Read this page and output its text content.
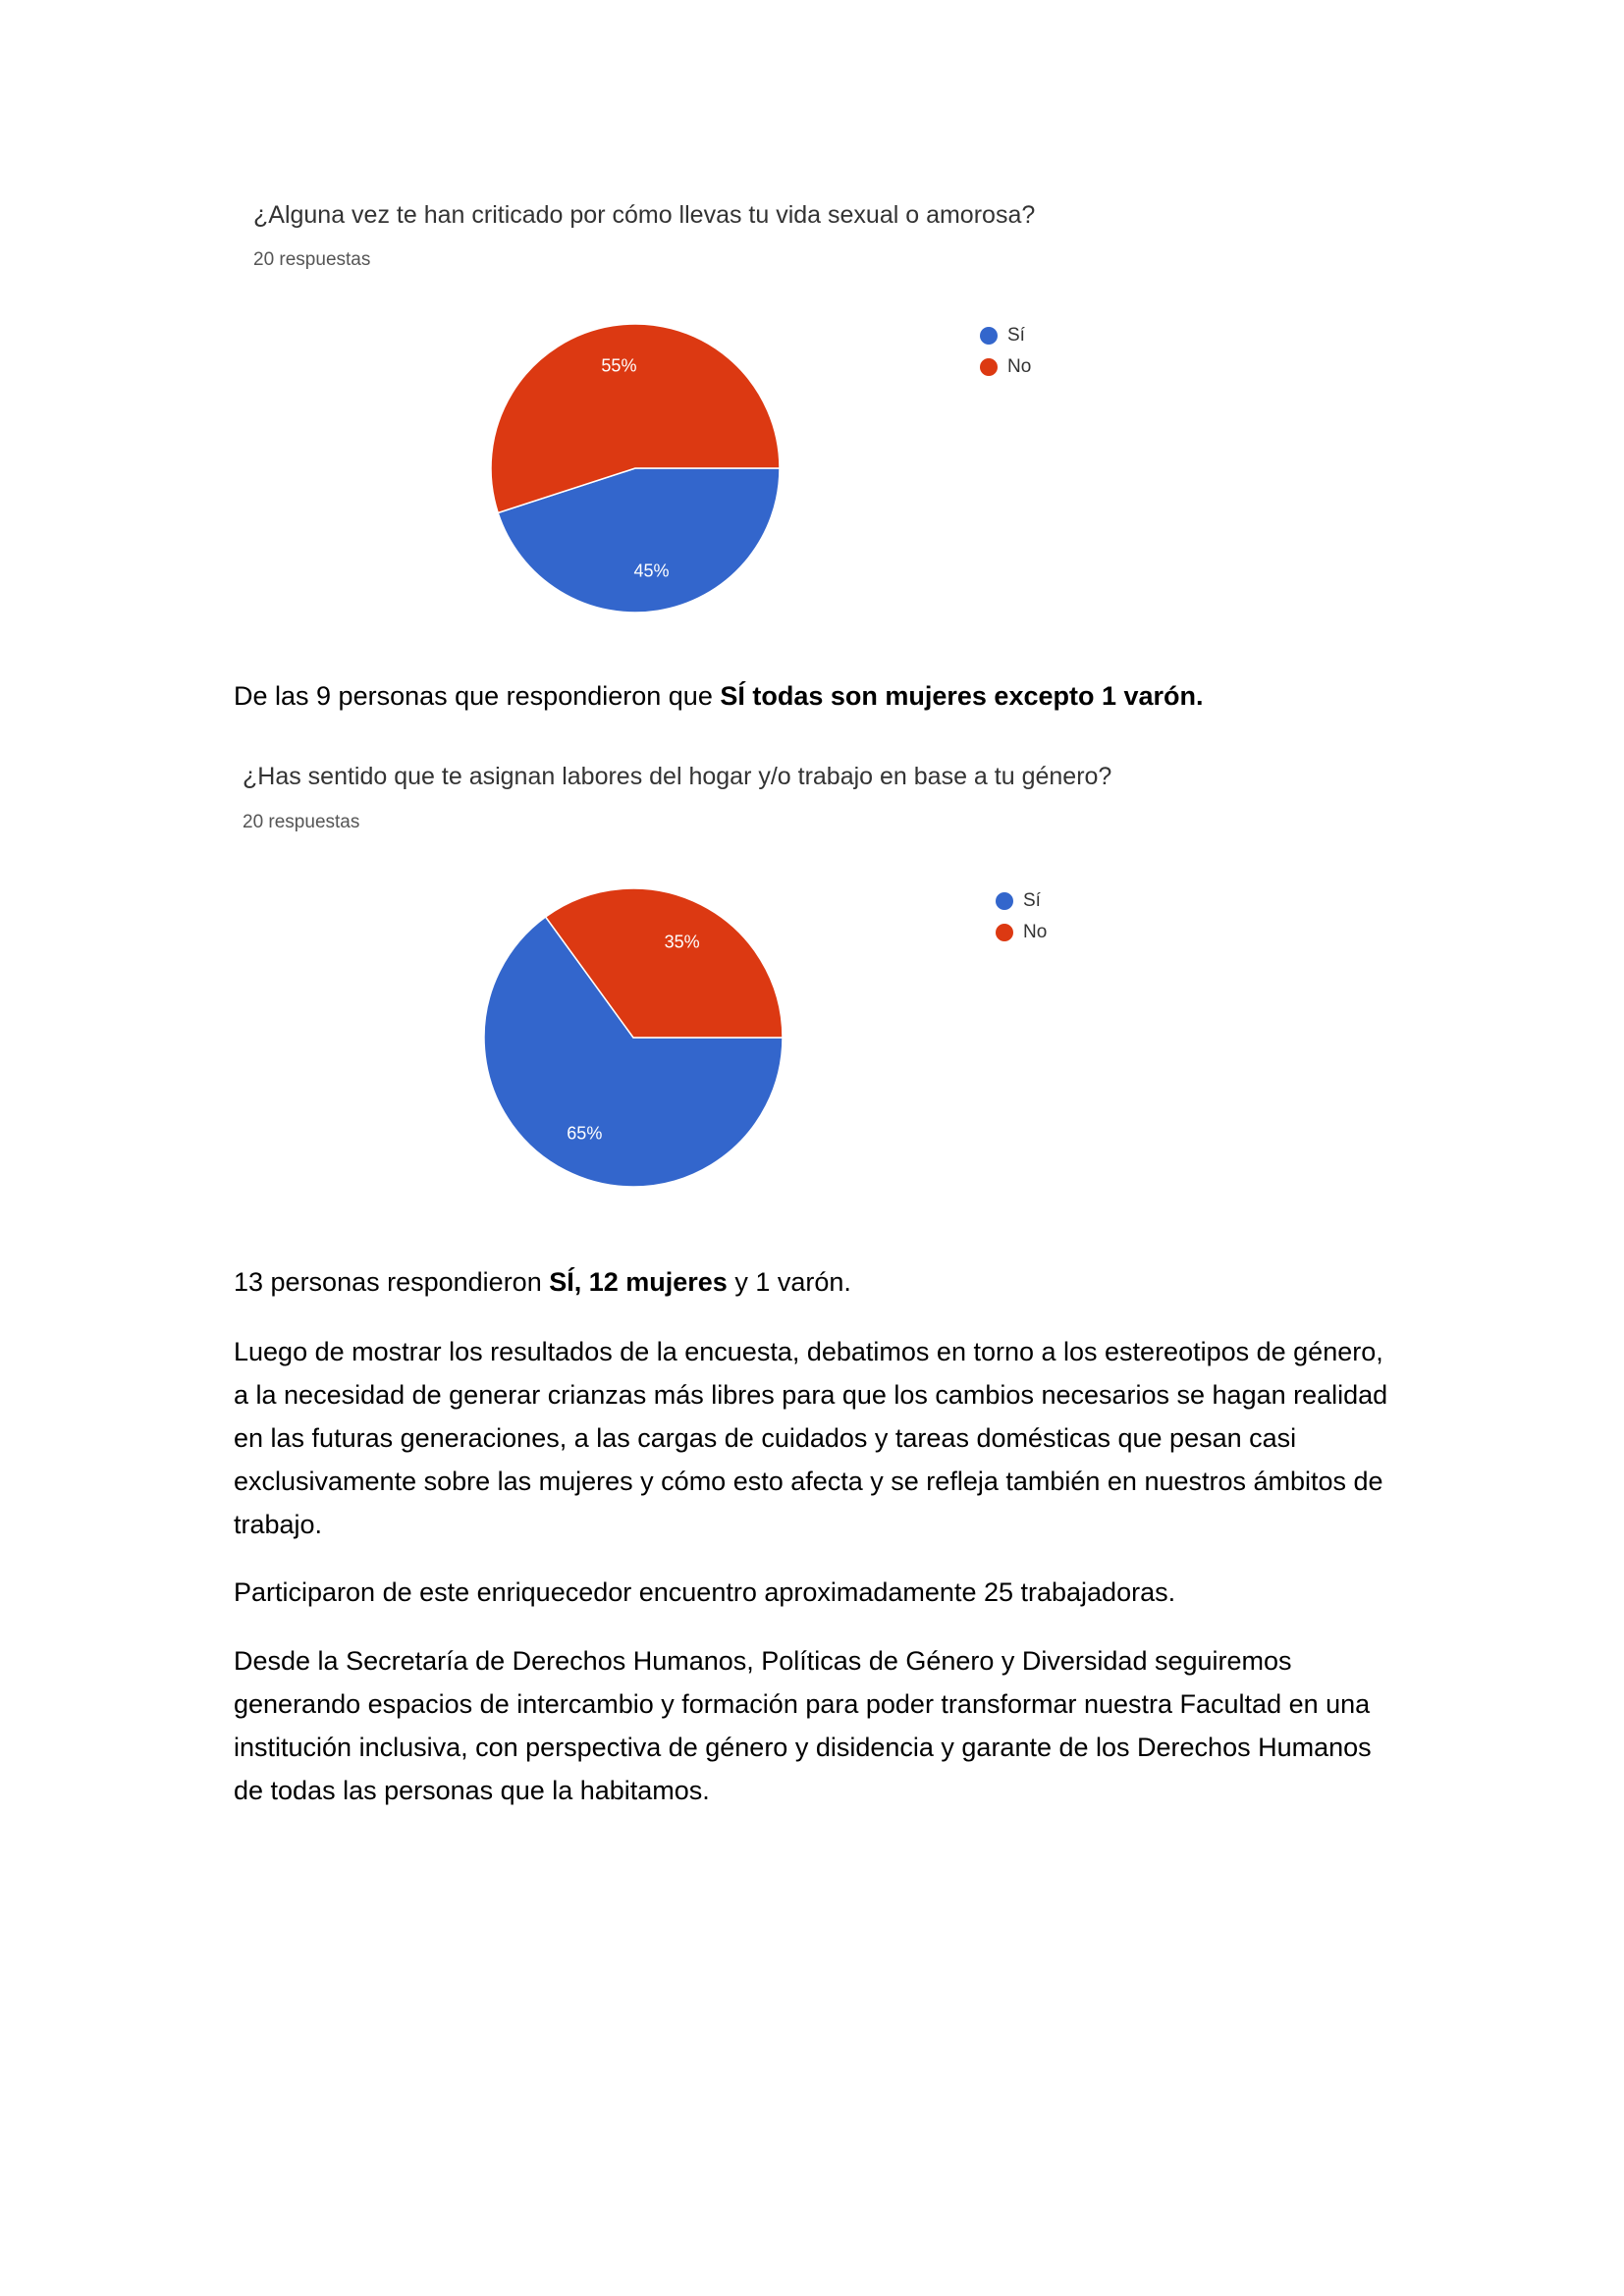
¿Alguna vez te han criticado por cómo llevas tu vida sexual o amorosa?
20 respuestas
45%
55%
Sí
No
De las 9 personas que respondieron que SÍ todas son mujeres excepto 1 varón.
¿Has sentido que te asignan labores del hogar y/o trabajo en base a tu género?
20 respuestas
65%
35%
Sí
No
13 personas respondieron SÍ, 12 mujeres y 1 varón.
Luego de mostrar los resultados de la encuesta, debatimos en torno a los estereotipos de género, a la necesidad de generar crianzas más libres para que los cambios necesarios se hagan realidad en las futuras generaciones, a las cargas de cuidados y tareas domésticas que pesan casi exclusivamente sobre las mujeres y cómo esto afecta y se refleja también en nuestros ámbitos de trabajo.
Participaron de este enriquecedor encuentro aproximadamente 25 trabajadoras.
Desde la Secretaría de Derechos Humanos, Políticas de Género y Diversidad seguiremos generando espacios de intercambio y formación para poder transformar nuestra Facultad en una institución inclusiva, con perspectiva de género y disidencia y garante de los Derechos Humanos de todas las personas que la habitamos.
